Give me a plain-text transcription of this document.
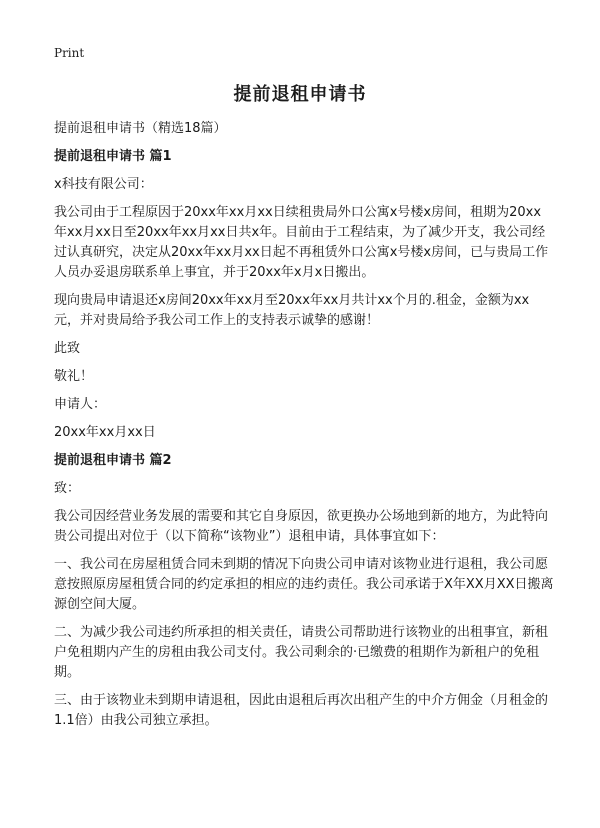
Print
提前退租申请书

提前退租申请书（精选18篇）

提前退租申请书 篇1

x科技有限公司：

我公司由于工程原因于20xx年xx月xx日续租贵局外口公寓x号楼x房间，租期为20xx年xx月xx日至20xx年xx月xx日共x年。目前由于工程结束，为了减少开支，我公司经过认真研究，决定从20xx年xx月xx日起不再租赁外口公寓x号楼x房间，已与贵局工作人员办妥退房联系单上事宜，并于20xx年x月x日搬出。

现向贵局申请退还x房间20xx年xx月至20xx年xx月共计xx个月的.租金，金额为xx元，并对贵局给予我公司工作上的支持表示诚挚的感谢！

此致

敬礼！

申请人：

20xx年xx月xx日

提前退租申请书 篇2

致：

我公司因经营业务发展的需要和其它自身原因，欲更换办公场地到新的地方，为此特向贵公司提出对位于（以下简称“该物业”）退租申请，具体事宜如下：

一、我公司在房屋租赁合同未到期的情况下向贵公司申请对该物业进行退租，我公司愿意按照原房屋租赁合同的约定承担的相应的违约责任。我公司承诺于X年XX月XX日搬离源创空间大厦。

二、为减少我公司违约所承担的相关责任，请贵公司帮助进行该物业的出租事宜，新租户免租期内产生的房租由我公司支付。我公司剩余的·已缴费的租期作为新租户的免租期。

三、由于该物业未到期申请退租，因此由退租后再次出租产生的中介方佣金（月租金的1.1倍）由我公司独立承担。
